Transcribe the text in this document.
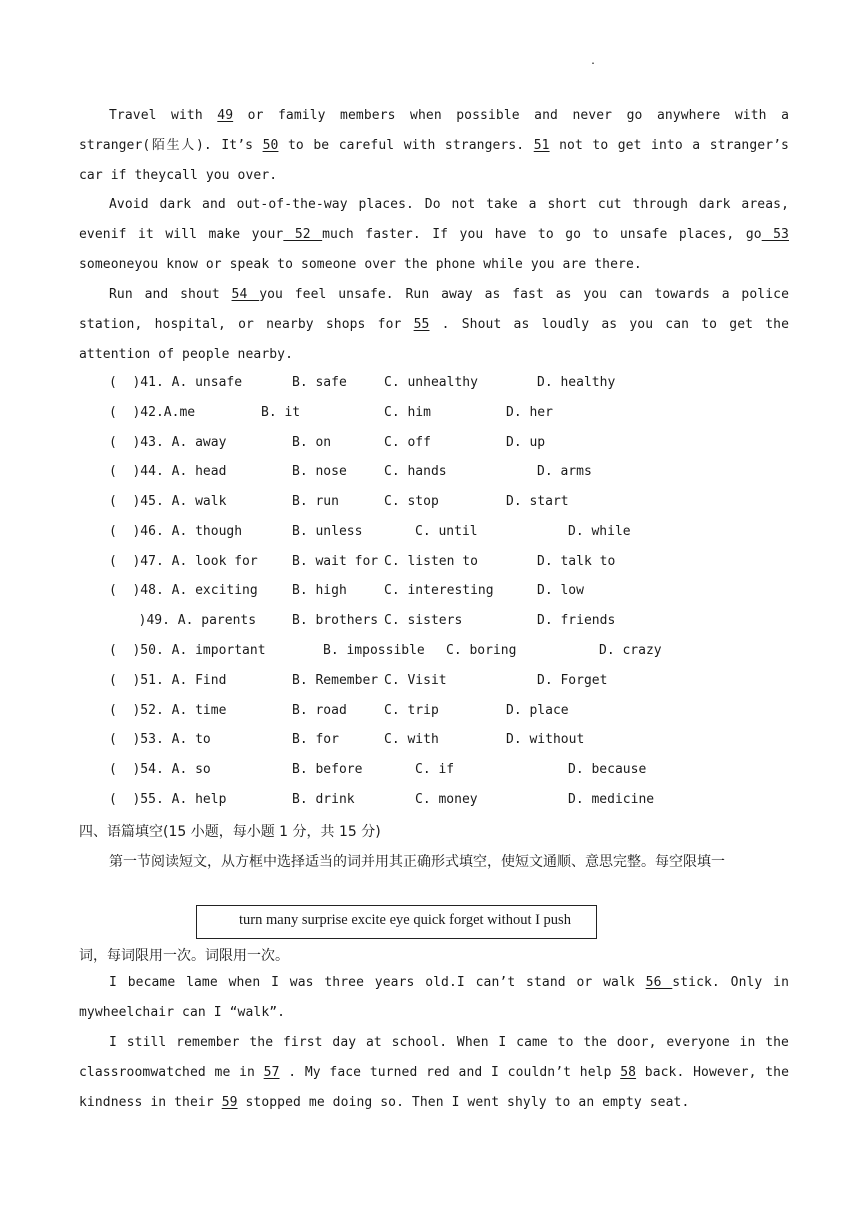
.
Travel with 49 or family members when possible and never go anywhere with a stranger(陌生人). It’s 50 to be careful with strangers. 51 not to get into a stranger’s car if theycall you over.
Avoid dark and out-of-the-way places. Do not take a short cut through dark areas, evenif it will make your 52 much faster. If you have to go to unsafe places, go 53 someoneyou know or speak to someone over the phone while you are there.
Run and shout 54 you feel unsafe. Run away as fast as you can towards a police station, hospital, or nearby shops for 55 . Shout as loudly as you can to get the attention of people nearby.
(  )41. A. unsafe	B. safe	C. unhealthy	D. healthy
(  )42.A.me	B. it	C. him	D. her
(  )43. A. away	B. on	C. off	D. up
(  )44. A. head	B. nose	C. hands	D. arms
(  )45. A. walk	B. run	C. stop	D. start
(  )46. A. though	B. unless	C. until	D. while
(  )47. A. look for	B. wait for C. listen to	D. talk to
(  )48. A. exciting	B. high	C. interesting	D. low
)49. A. parents	B. brothers C. sisters	D. friends
(  )50. A. important	B. impossible C. boring	D. crazy
(  )51. A. Find	B. Remember C. Visit	D. Forget
(  )52. A. time	B. road	C. trip	D. place
(  )53. A. to	B. for	C. with	D. without
(  )54. A. so	B. before	C. if	D. because
(  )55. A. help	B. drink	C. money	D. medicine
四、语篇填空(15 小题，每小题 1 分，共 15 分)
第一节阅读短文，从方框中选择适当的词并用其正确形式填空，使短文通顺、意思完整。每空限填一
turn many surprise excite eye quick forget without I push
词，每词限用一次。词限用一次。
I became lame when I was three years old.I can’t stand or walk 56 stick. Only in mywheelchair can I “walk”.
I still remember the first day at school. When I came to the door, everyone in the classroomwatched me in 57 . My face turned red and I couldn’t help 58 back. However, the kindness in their 59 stopped me doing so. Then I went shyly to an empty seat.
